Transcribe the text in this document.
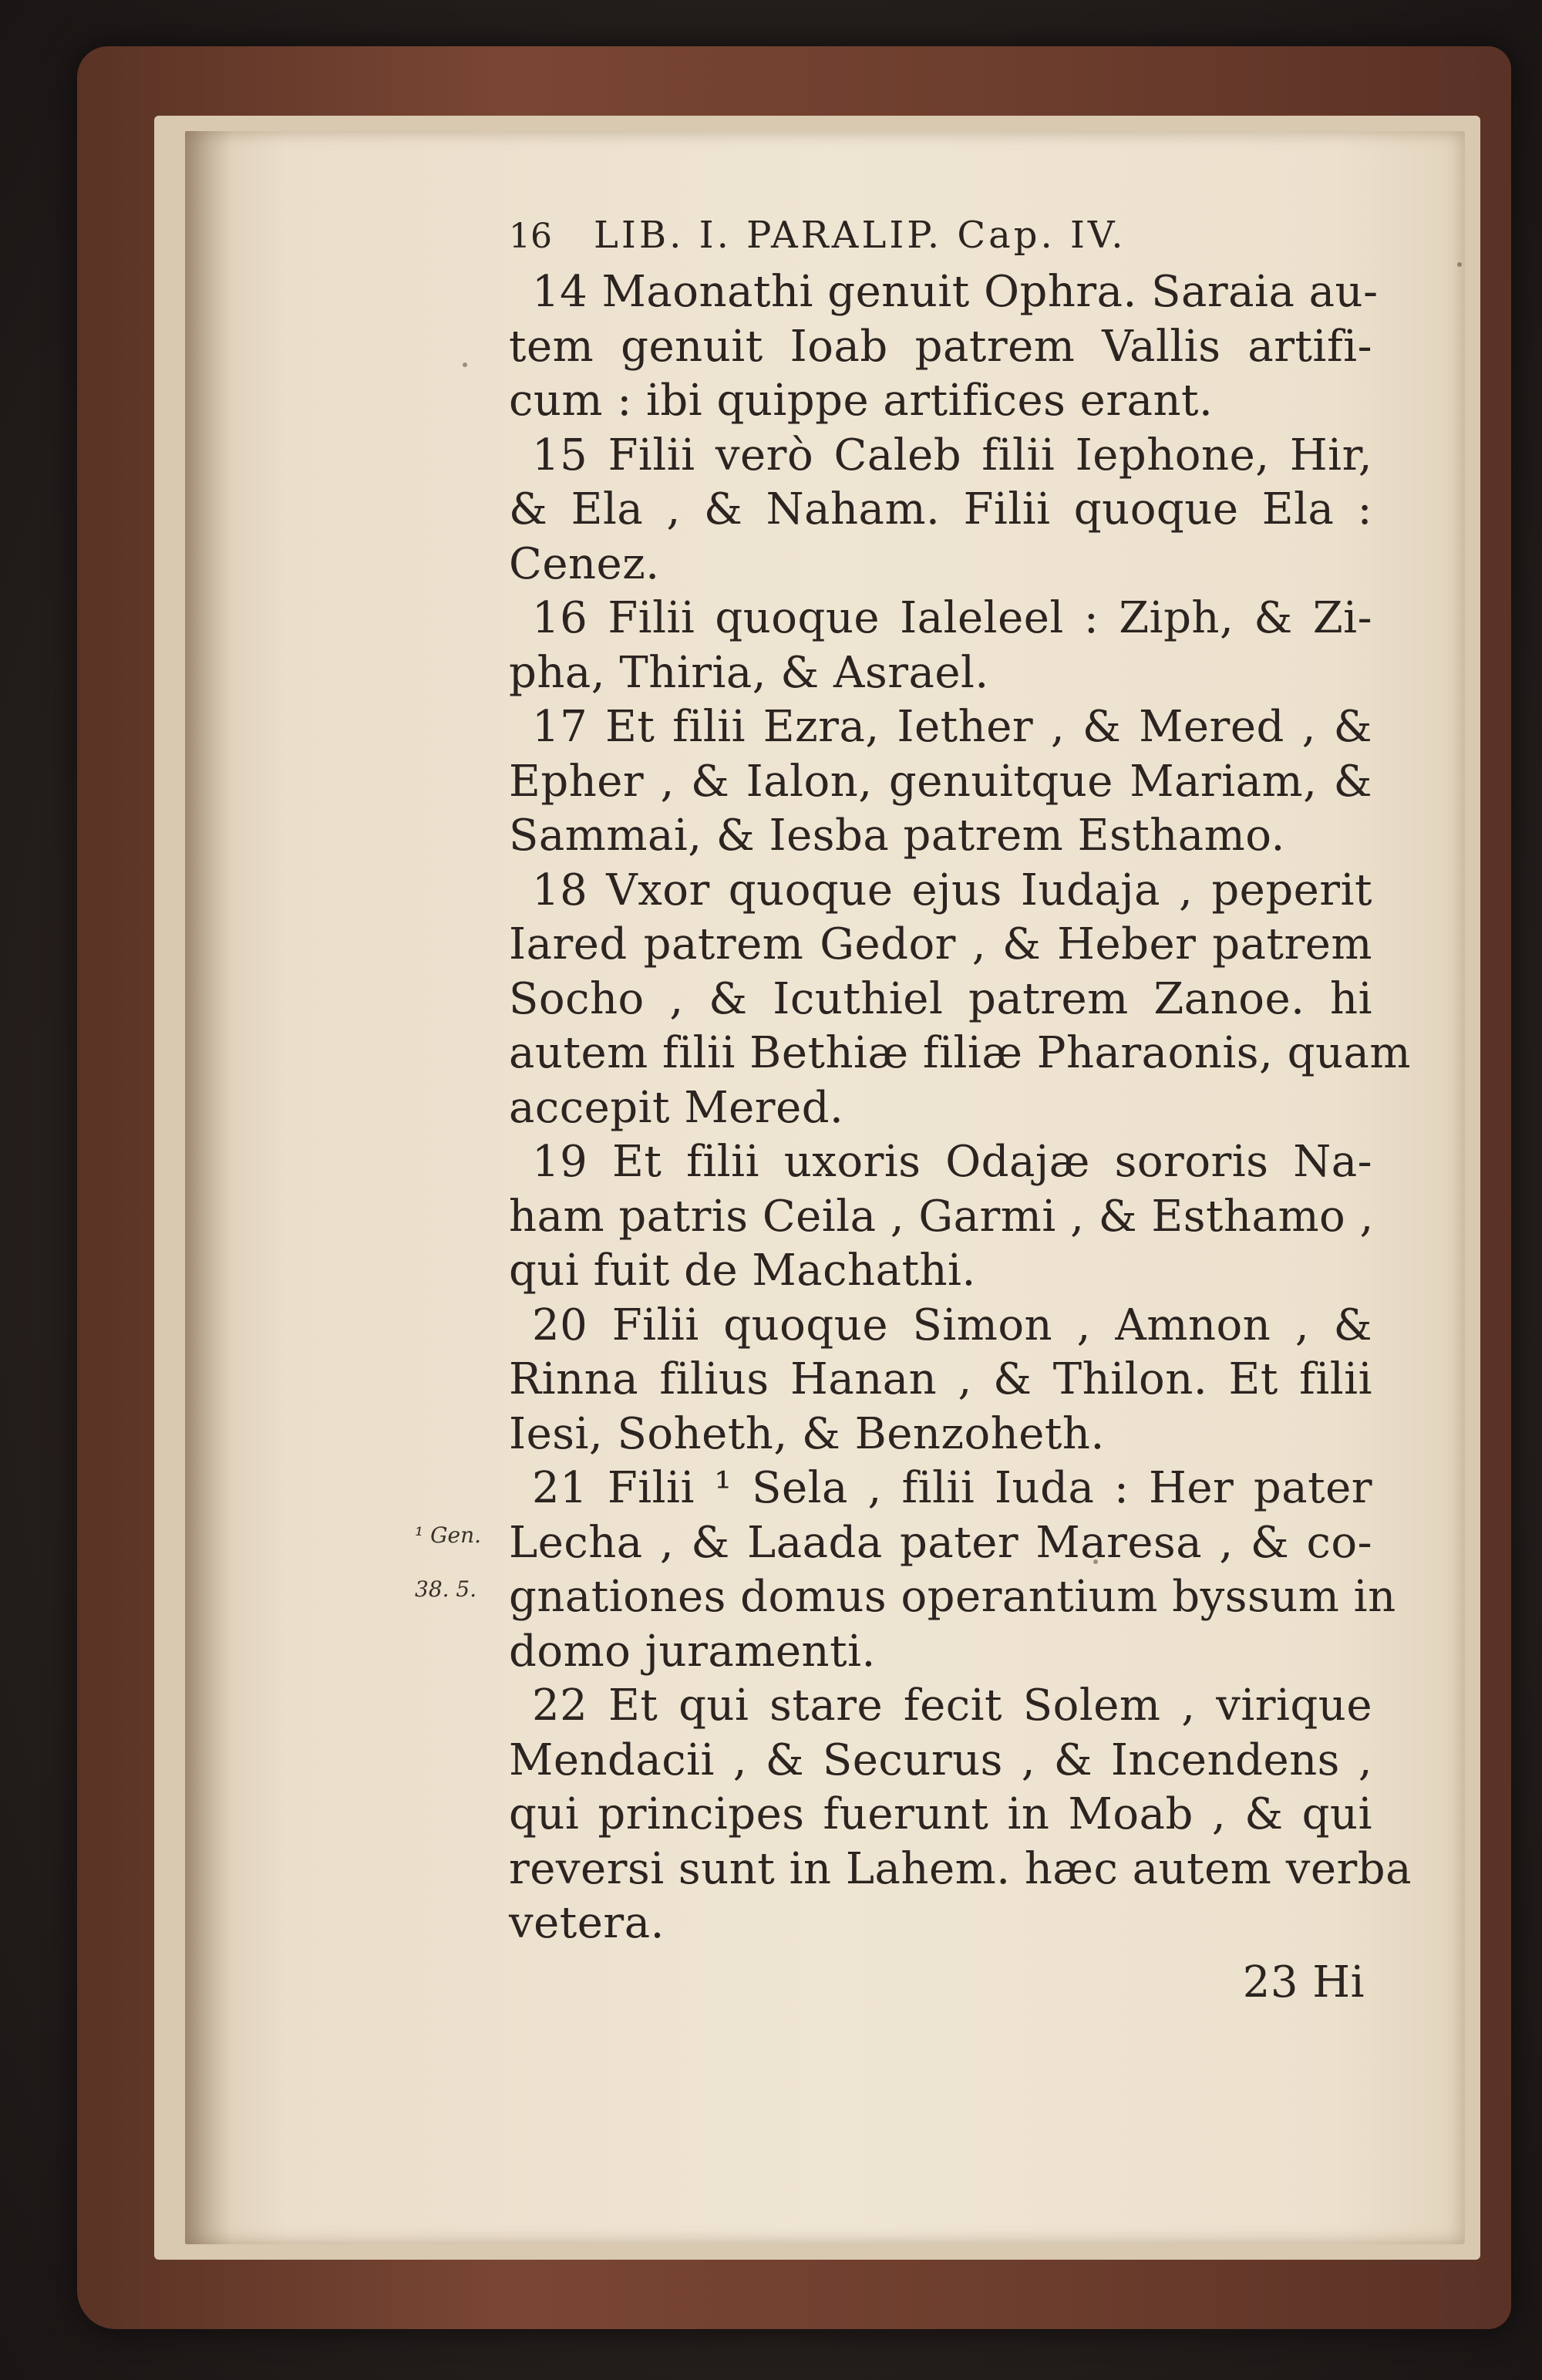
16	LIB. I. PARALIP. Cap. IV.
14 Maonathi genuit Ophra. Saraia au-
tem genuit Ioab patrem Vallis artifi-
cum : ibi quippe artifices erant.
15 Filii verò Caleb filii Iephone, Hir,
& Ela , & Naham. Filii quoque Ela :
Cenez.
16 Filii quoque Ialeleel : Ziph, & Zi-
pha, Thiria, & Asrael.
17 Et filii Ezra, Iether , & Mered , &
Epher , & Ialon, genuitque Mariam, &
Sammai, & Iesba patrem Esthamo.
18 Vxor quoque ejus Iudaja , peperit
Iared patrem Gedor , & Heber patrem
Socho , & Icuthiel patrem Zanoe. hi
autem filii Bethiæ filiæ Pharaonis, quam
accepit Mered.
19 Et filii uxoris Odajæ sororis Na-
ham patris Ceila , Garmi , & Esthamo ,
qui fuit de Machathi.
20 Filii quoque Simon , Amnon , &
Rinna filius Hanan , & Thilon. Et filii
Iesi, Soheth, & Benzoheth.
21 Filii ¹ Sela , filii Iuda : Her pater
Lecha , & Laada pater Maresa , & co-
gnationes domus operantium byssum in
domo juramenti.
22 Et qui stare fecit Solem , virique
Mendacii , & Securus , & Incendens ,
qui principes fuerunt in Moab , & qui
reversi sunt in Lahem. hæc autem verba
vetera.
23 Hi
¹ Gen.
38. 5.
